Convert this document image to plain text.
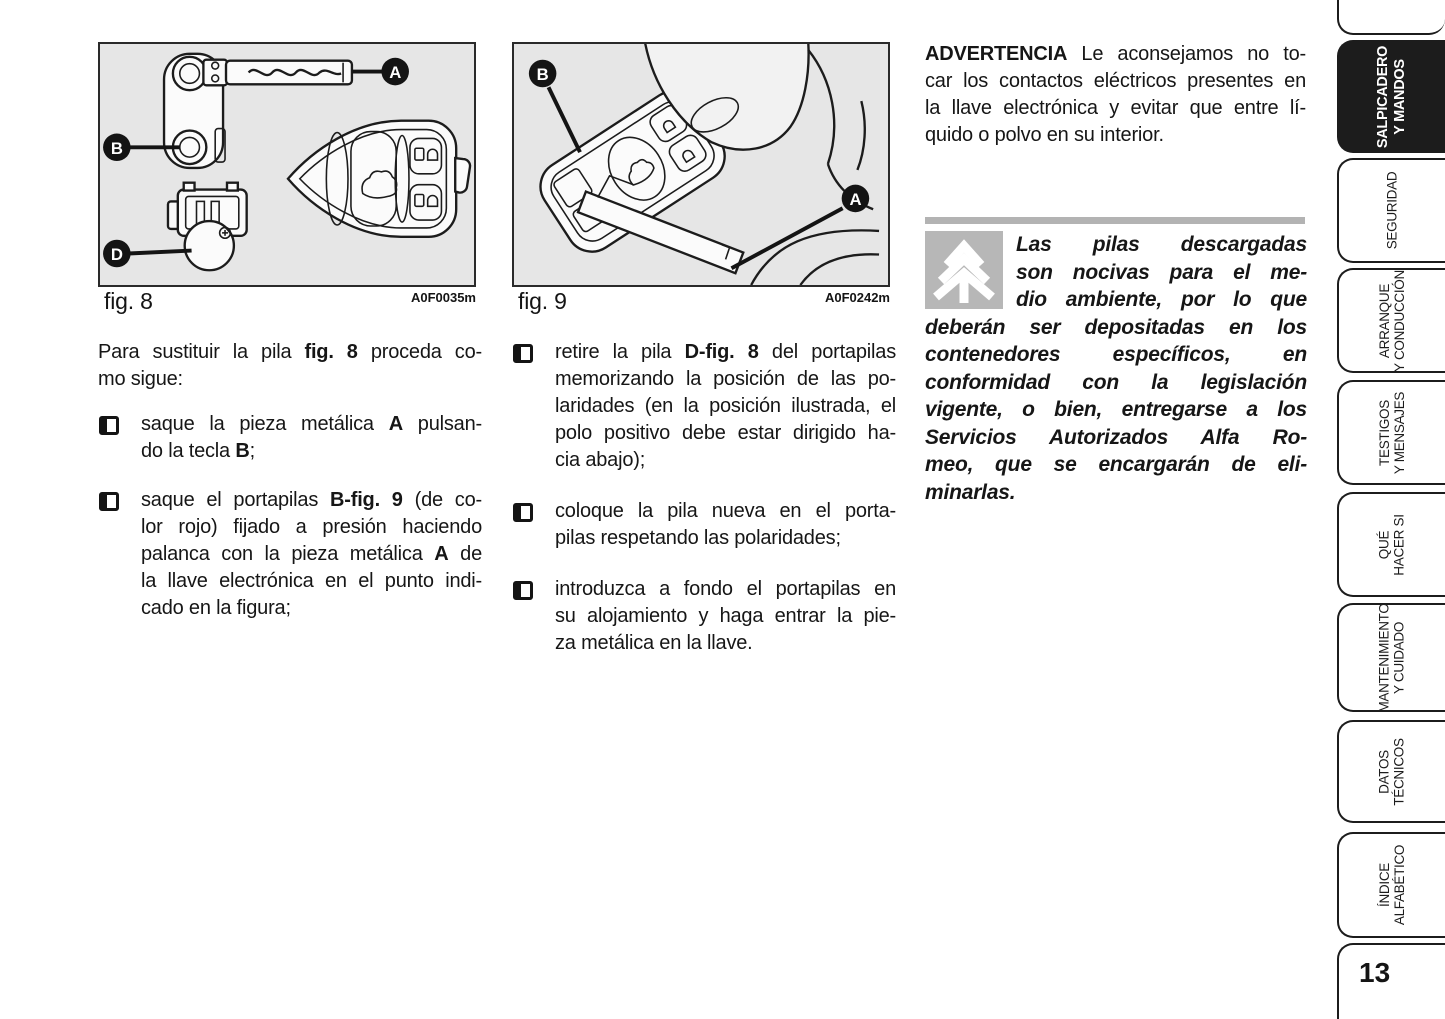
A
B
D
fig. 8	A0F0035m
B
A
fig. 9	A0F0242m
Para sustituir la pila fig. 8 proceda co-
mo sigue:
saque la pieza metálica A pulsan-
do la tecla B;
saque el portapilas B-fig. 9 (de co-
lor rojo) fijado a presión haciendo
palanca con la pieza metálica A de
la llave electrónica en el punto indi-
cado en la figura;
retire la pila D-fig. 8 del portapilas
memorizando la posición de las po-
laridades (en la posición ilustrada, el
polo positivo debe estar dirigido ha-
cia abajo);
coloque la pila nueva en el porta-
pilas respetando las polaridades;
introduzca a fondo el portapilas en
su alojamiento y haga entrar la pie-
za metálica en la llave.
ADVERTENCIA Le aconsejamos no to-
car los contactos eléctricos presentes en
la llave electrónica y evitar que entre lí-
quido o polvo en su interior.
Las pilas descargadas
son nocivas para el me-
dio ambiente, por lo que
deberán ser depositadas en los
contenedores específicos, en
conformidad con la legislación
vigente, o bien, entregarse a los
Servicios Autorizados Alfa Ro-
meo, que se encargarán de eli-
minarlas.
SALPICADERO
Y MANDOS
SEGURIDAD
ARRANQUE
Y CONDUCCIÓN
TESTIGOS
Y MENSAJES
QUÉ
HACER SI
MANTENIMIENTO
Y CUIDADO
DATOS
TÉCNICOS
ÍNDICE
ALFABÉTICO
13
